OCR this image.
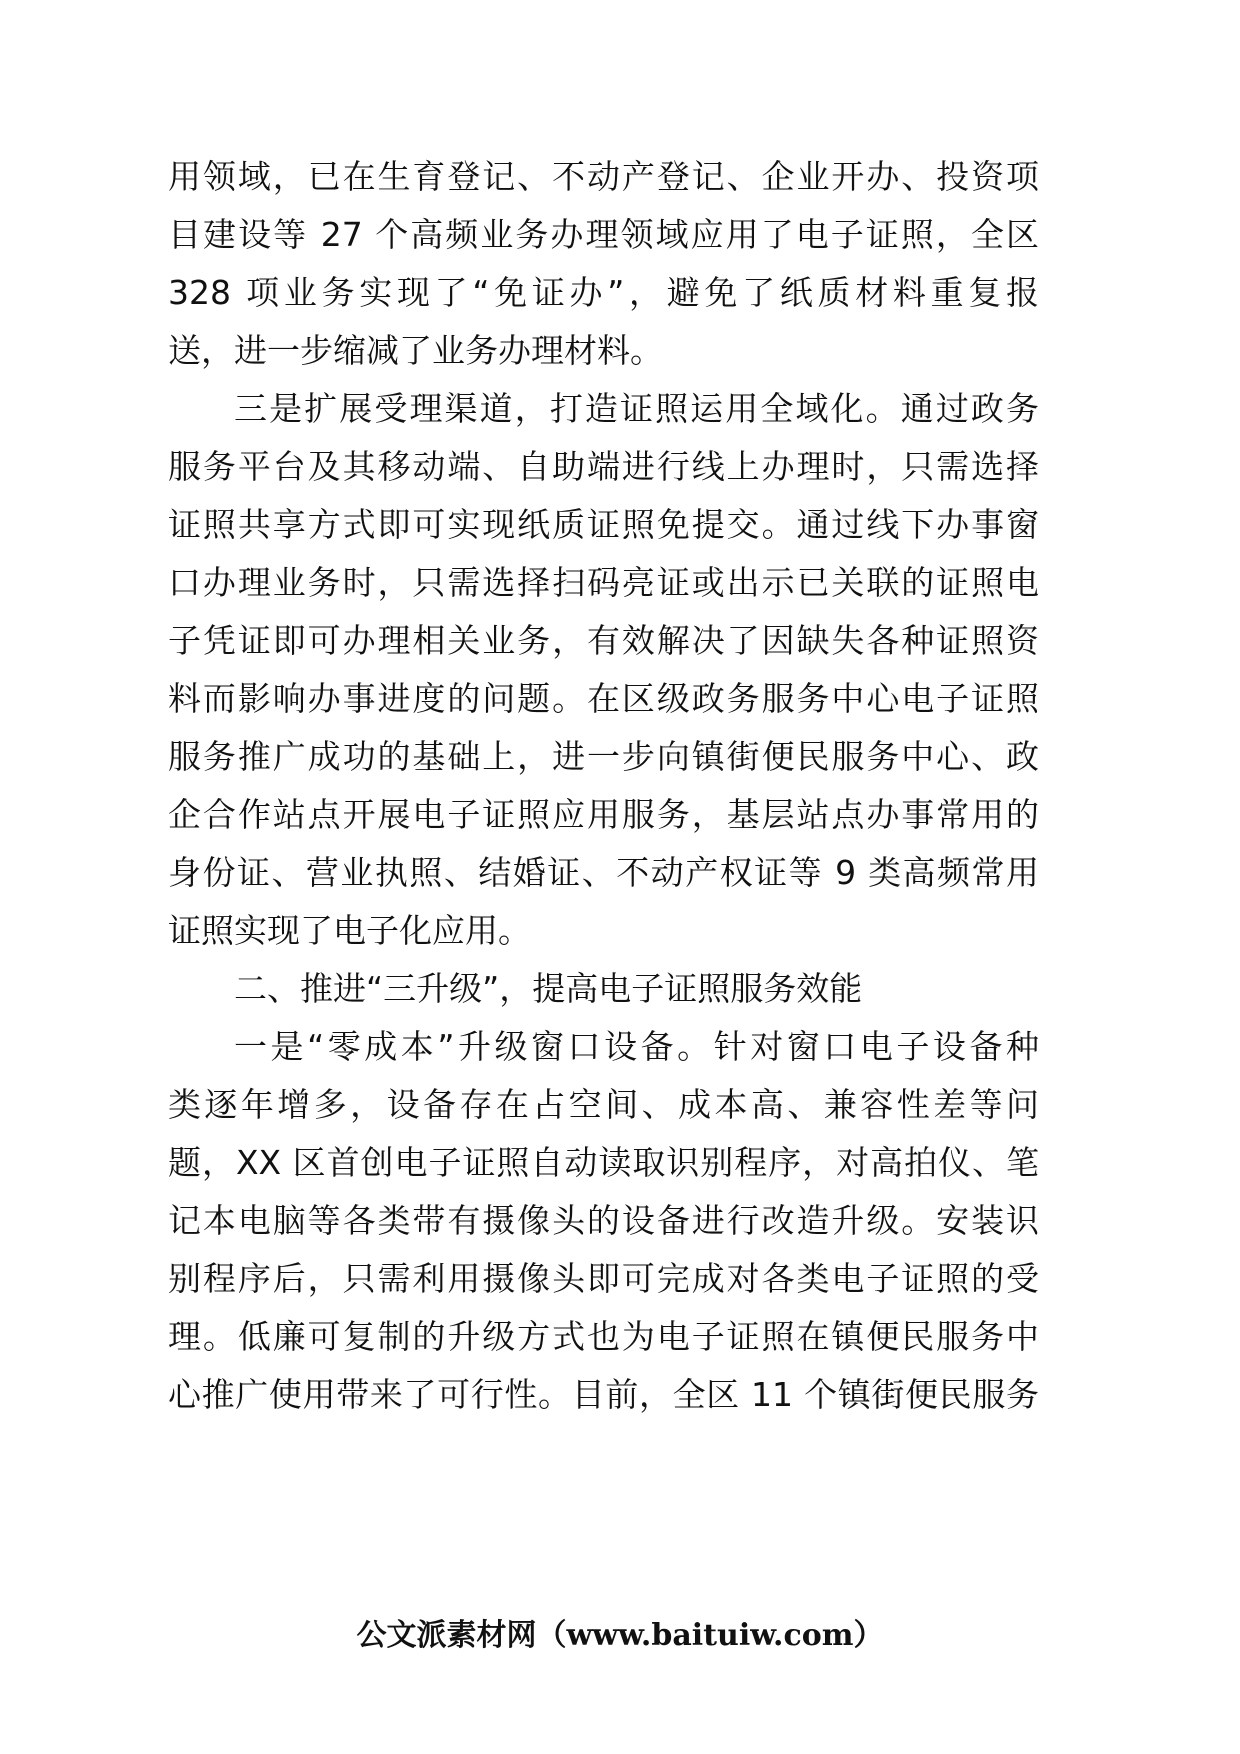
用领域，已在生育登记、不动产登记、企业开办、投资项
目建设等 27 个高频业务办理领域应用了电子证照，全区
328 项业务实现了“免证办”，避免了纸质材料重复报
送，进一步缩减了业务办理材料。
三是扩展受理渠道，打造证照运用全域化。通过政务
服务平台及其移动端、自助端进行线上办理时，只需选择
证照共享方式即可实现纸质证照免提交。通过线下办事窗
口办理业务时，只需选择扫码亮证或出示已关联的证照电
子凭证即可办理相关业务，有效解决了因缺失各种证照资
料而影响办事进度的问题。在区级政务服务中心电子证照
服务推广成功的基础上，进一步向镇街便民服务中心、政
企合作站点开展电子证照应用服务，基层站点办事常用的
身份证、营业执照、结婚证、不动产权证等 9 类高频常用
证照实现了电子化应用。
二、推进“三升级”，提高电子证照服务效能
一是“零成本”升级窗口设备。针对窗口电子设备种
类逐年增多，设备存在占空间、成本高、兼容性差等问
题，XX 区首创电子证照自动读取识别程序，对高拍仪、笔
记本电脑等各类带有摄像头的设备进行改造升级。安装识
别程序后，只需利用摄像头即可完成对各类电子证照的受
理。低廉可复制的升级方式也为电子证照在镇便民服务中
心推广使用带来了可行性。目前，全区 11 个镇街便民服务
公文派素材网（www.baituiw.com）
